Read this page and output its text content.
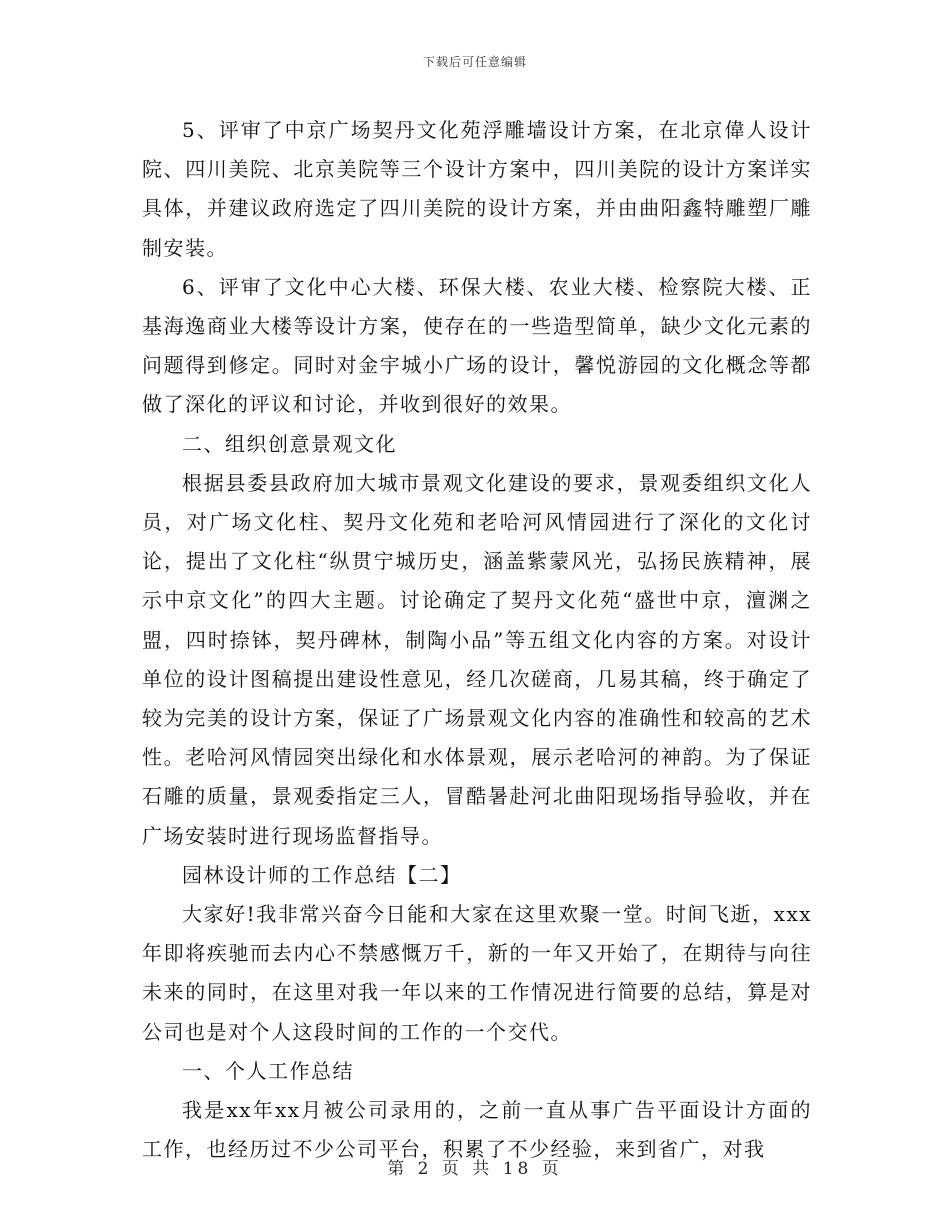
下载后可任意编辑

5、评审了中京广场契丹文化苑浮雕墙设计方案，在北京偉人设计院、四川美院、北京美院等三个设计方案中，四川美院的设计方案详实具体，并建议政府选定了四川美院的设计方案，并由曲阳鑫特雕塑厂雕制安装。

6、评审了文化中心大楼、环保大楼、农业大楼、检察院大楼、正基海逸商业大楼等设计方案，使存在的一些造型简单，缺少文化元素的问题得到修定。同时对金宇城小广场的设计，馨悦游园的文化概念等都做了深化的评议和讨论，并收到很好的效果。

二、组织创意景观文化

根据县委县政府加大城市景观文化建设的要求，景观委组织文化人员，对广场文化柱、契丹文化苑和老哈河风情园进行了深化的文化讨论，提出了文化柱“纵贯宁城历史，涵盖紫蒙风光，弘扬民族精神，展示中京文化”的四大主题。讨论确定了契丹文化苑“盛世中京，澶渊之盟，四时捺钵，契丹碑林，制陶小品”等五组文化内容的方案。对设计单位的设计图稿提出建设性意见，经几次磋商，几易其稿，终于确定了较为完美的设计方案，保证了广场景观文化内容的准确性和较高的艺术性。老哈河风情园突出绿化和水体景观，展示老哈河的神韵。为了保证石雕的质量，景观委指定三人，冒酷暑赴河北曲阳现场指导验收，并在广场安装时进行现场监督指导。

园林设计师的工作总结【二】

大家好!我非常兴奋今日能和大家在这里欢聚一堂。时间飞逝，xxx年即将疾驰而去内心不禁感慨万千，新的一年又开始了，在期待与向往未来的同时，在这里对我一年以来的工作情况进行简要的总结，算是对公司也是对个人这段时间的工作的一个交代。

一、个人工作总结

我是xx年xx月被公司录用的，之前一直从事广告平面设计方面的工作，也经历过不少公司平台，积累了不少经验，来到省广，对我

第 2 页 共 18 页
